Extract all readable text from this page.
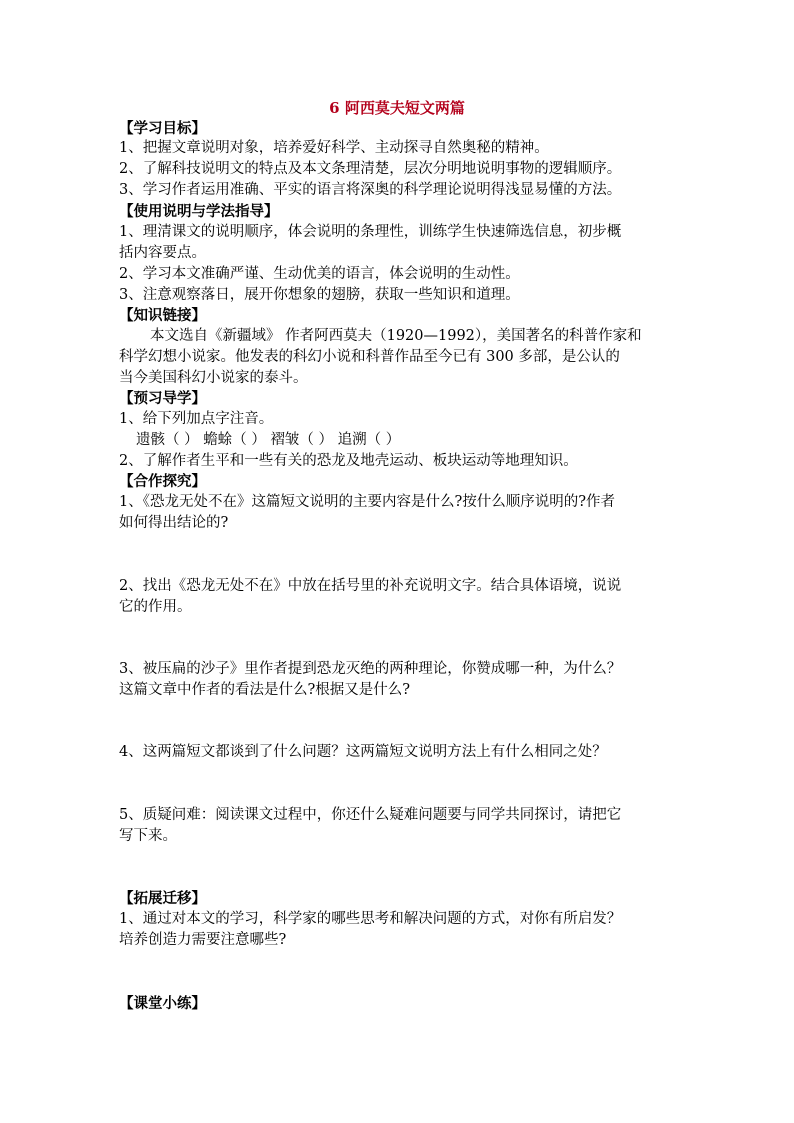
6 阿西莫夫短文两篇
【学习目标】
1、把握文章说明对象，培养爱好科学、主动探寻自然奥秘的精神。
2、了解科技说明文的特点及本文条理清楚，层次分明地说明事物的逻辑顺序。
3、学习作者运用准确、平实的语言将深奥的科学理论说明得浅显易懂的方法。
【使用说明与学法指导】
1、理清课文的说明顺序，体会说明的条理性，训练学生快速筛选信息，初步概
括内容要点。
2、学习本文准确严谨、生动优美的语言，体会说明的生动性。
3、注意观察落日，展开你想象的翅膀，获取一些知识和道理。
【知识链接】
本文选自《新疆域》 作者阿西莫夫（1920—1992），美国著名的科普作家和
科学幻想小说家。他发表的科幻小说和科普作品至今已有 300 多部，是公认的
当今美国科幻小说家的泰斗。
【预习导学】
1、给下列加点字注音。
遗骸（ ） 蟾蜍（ ） 褶皱（ ） 追溯（ ）
2、了解作者生平和一些有关的恐龙及地壳运动、板块运动等地理知识。
【合作探究】
1、《恐龙无处不在》这篇短文说明的主要内容是什么?按什么顺序说明的?作者
如何得出结论的?
2、找出《恐龙无处不在》中放在括号里的补充说明文字。结合具体语境，说说
它的作用。
3、被压扁的沙子》里作者提到恐龙灭绝的两种理论，你赞成哪一种，为什么？
这篇文章中作者的看法是什么?根据又是什么?
4、这两篇短文都谈到了什么问题？这两篇短文说明方法上有什么相同之处？
5、质疑问难：阅读课文过程中，你还什么疑难问题要与同学共同探讨，请把它
写下来。
【拓展迁移】
1、通过对本文的学习，科学家的哪些思考和解决问题的方式，对你有所启发？
培养创造力需要注意哪些?
【课堂小练】
